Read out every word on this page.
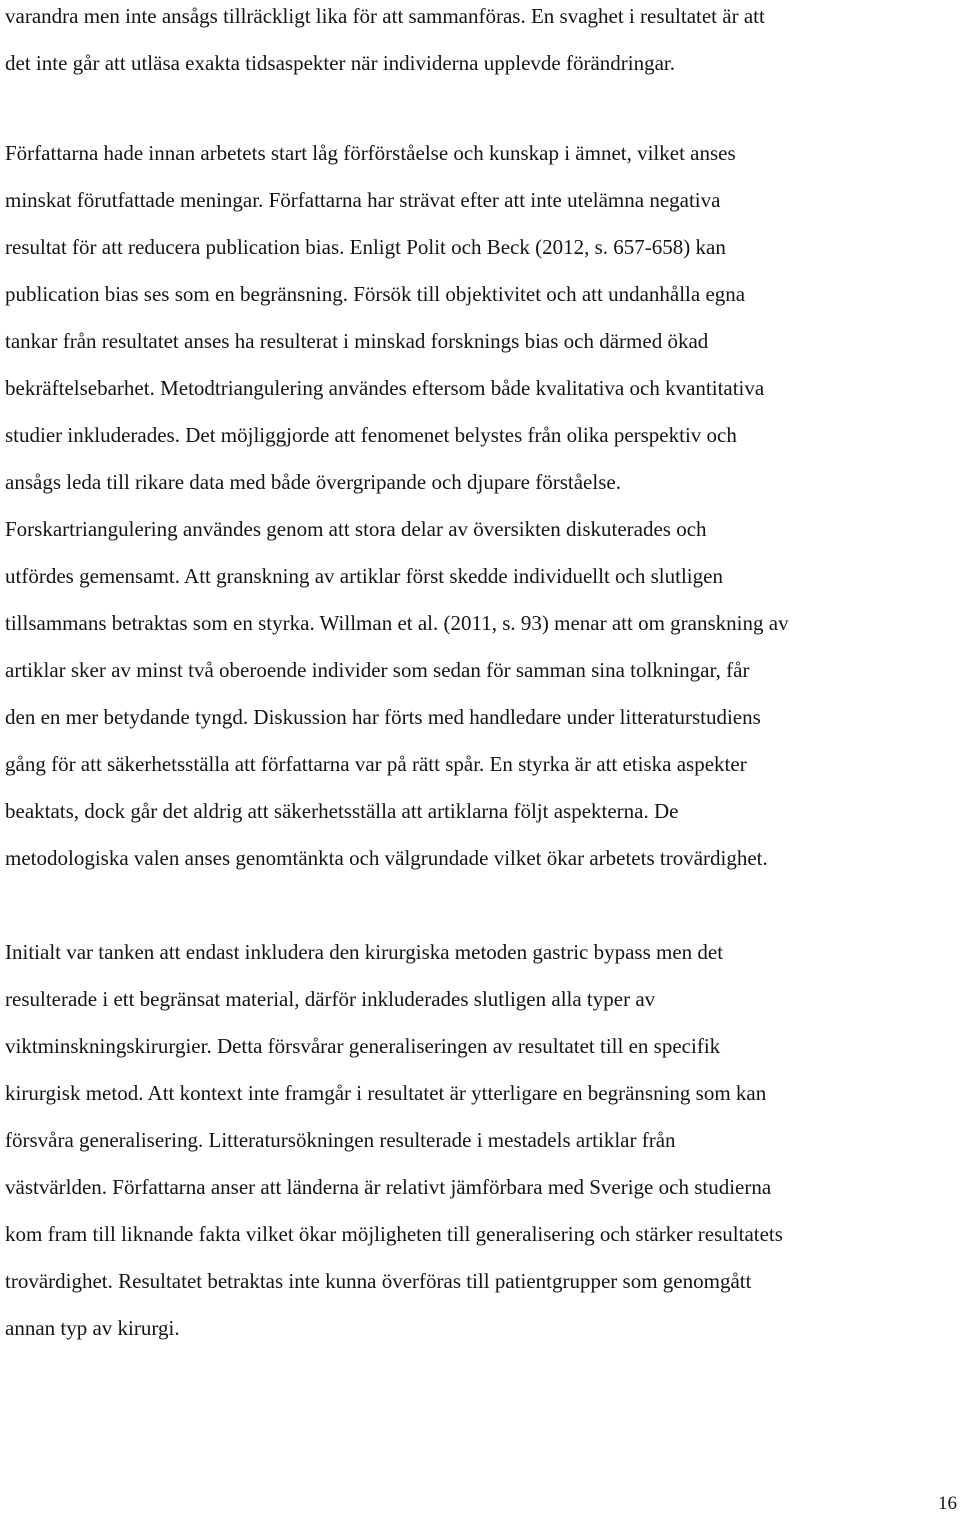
varandra men inte ansågs tillräckligt lika för att sammanföras. En svaghet i resultatet är att
det inte går att utläsa exakta tidsaspekter när individerna upplevde förändringar.
Författarna hade innan arbetets start låg förförståelse och kunskap i ämnet, vilket anses
minskat förutfattade meningar. Författarna har strävat efter att inte utelämna negativa
resultat för att reducera publication bias. Enligt Polit och Beck (2012, s. 657-658) kan
publication bias ses som en begränsning. Försök till objektivitet och att undanhålla egna
tankar från resultatet anses ha resulterat i minskad forsknings bias och därmed ökad
bekräftelsebarhet. Metodtriangulering användes eftersom både kvalitativa och kvantitativa
studier inkluderades. Det möjliggjorde att fenomenet belystes från olika perspektiv och
ansågs leda till rikare data med både övergripande och djupare förståelse.
Forskartriangulering användes genom att stora delar av översikten diskuterades och
utfördes gemensamt. Att granskning av artiklar först skedde individuellt och slutligen
tillsammans betraktas som en styrka. Willman et al. (2011, s. 93) menar att om granskning av
artiklar sker av minst två oberoende individer som sedan för samman sina tolkningar, får
den en mer betydande tyngd. Diskussion har förts med handledare under litteraturstudiens
gång för att säkerhetsställa att författarna var på rätt spår. En styrka är att etiska aspekter
beaktats, dock går det aldrig att säkerhetsställa att artiklarna följt aspekterna. De
metodologiska valen anses genomtänkta och välgrundade vilket ökar arbetets trovärdighet.
Initialt var tanken att endast inkludera den kirurgiska metoden gastric bypass men det
resulterade i ett begränsat material, därför inkluderades slutligen alla typer av
viktminskningskirurgier. Detta försvårar generaliseringen av resultatet till en specifik
kirurgisk metod. Att kontext inte framgår i resultatet är ytterligare en begränsning som kan
försvåra generalisering. Litteratursökningen resulterade i mestadels artiklar från
västvärlden. Författarna anser att länderna är relativt jämförbara med Sverige och studierna
kom fram till liknande fakta vilket ökar möjligheten till generalisering och stärker resultatets
trovärdighet. Resultatet betraktas inte kunna överföras till patientgrupper som genomgått
annan typ av kirurgi.
16
